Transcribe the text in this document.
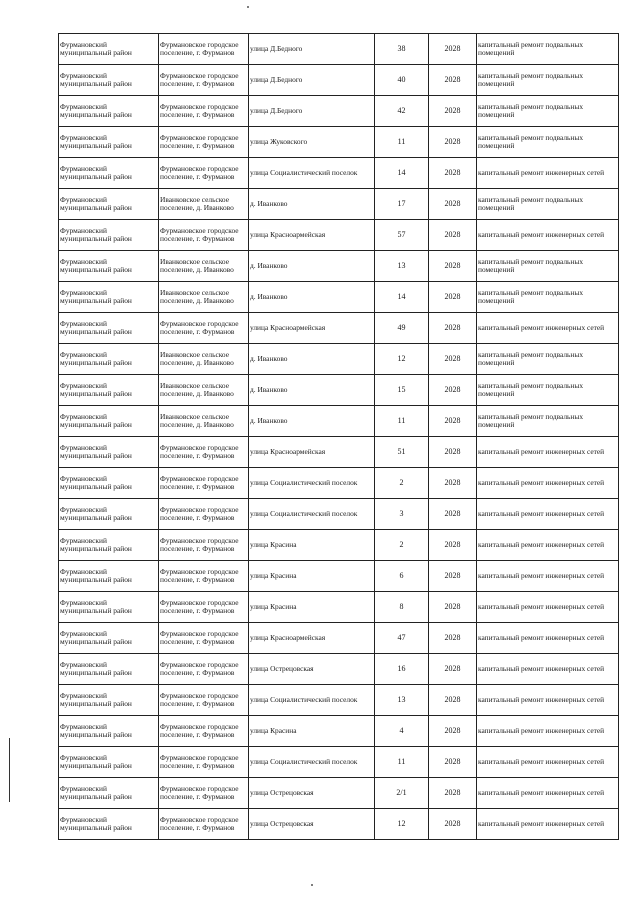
Фурмановский муниципальный район	Фурмановское городское поселение, г. Фурманов	улица Д.Бедного	38	2028	капитальный ремонт подвальных помещений
Фурмановский муниципальный район	Фурмановское городское поселение, г. Фурманов	улица Д.Бедного	40	2028	капитальный ремонт подвальных помещений
Фурмановский муниципальный район	Фурмановское городское поселение, г. Фурманов	улица Д.Бедного	42	2028	капитальный ремонт подвальных помещений
Фурмановский муниципальный район	Фурмановское городское поселение, г. Фурманов	улица Жуковского	11	2028	капитальный ремонт подвальных помещений
Фурмановский муниципальный район	Фурмановское городское поселение, г. Фурманов	улица Социалистический поселок	14	2028	капитальный ремонт инженерных сетей
Фурмановский муниципальный район	Иванковское сельское поселение, д. Иванково	д. Иванково	17	2028	капитальный ремонт подвальных помещений
Фурмановский муниципальный район	Фурмановское городское поселение, г. Фурманов	улица Красноармейская	57	2028	капитальный ремонт инженерных сетей
Фурмановский муниципальный район	Иванковское сельское поселение, д. Иванково	д. Иванково	13	2028	капитальный ремонт подвальных помещений
Фурмановский муниципальный район	Иванковское сельское поселение, д. Иванково	д. Иванково	14	2028	капитальный ремонт подвальных помещений
Фурмановский муниципальный район	Фурмановское городское поселение, г. Фурманов	улица Красноармейская	49	2028	капитальный ремонт инженерных сетей
Фурмановский муниципальный район	Иванковское сельское поселение, д. Иванково	д. Иванково	12	2028	капитальный ремонт подвальных помещений
Фурмановский муниципальный район	Иванковское сельское поселение, д. Иванково	д. Иванково	15	2028	капитальный ремонт подвальных помещений
Фурмановский муниципальный район	Иванковское сельское поселение, д. Иванково	д. Иванково	11	2028	капитальный ремонт подвальных помещений
Фурмановский муниципальный район	Фурмановское городское поселение, г. Фурманов	улица Красноармейская	51	2028	капитальный ремонт инженерных сетей
Фурмановский муниципальный район	Фурмановское городское поселение, г. Фурманов	улица Социалистический поселок	2	2028	капитальный ремонт инженерных сетей
Фурмановский муниципальный район	Фурмановское городское поселение, г. Фурманов	улица Социалистический поселок	3	2028	капитальный ремонт инженерных сетей
Фурмановский муниципальный район	Фурмановское городское поселение, г. Фурманов	улица Красина	2	2028	капитальный ремонт инженерных сетей
Фурмановский муниципальный район	Фурмановское городское поселение, г. Фурманов	улица Красина	6	2028	капитальный ремонт инженерных сетей
Фурмановский муниципальный район	Фурмановское городское поселение, г. Фурманов	улица Красина	8	2028	капитальный ремонт инженерных сетей
Фурмановский муниципальный район	Фурмановское городское поселение, г. Фурманов	улица Красноармейская	47	2028	капитальный ремонт инженерных сетей
Фурмановский муниципальный район	Фурмановское городское поселение, г. Фурманов	улица Острецовская	16	2028	капитальный ремонт инженерных сетей
Фурмановский муниципальный район	Фурмановское городское поселение, г. Фурманов	улица Социалистический поселок	13	2028	капитальный ремонт инженерных сетей
Фурмановский муниципальный район	Фурмановское городское поселение, г. Фурманов	улица Красина	4	2028	капитальный ремонт инженерных сетей
Фурмановский муниципальный район	Фурмановское городское поселение, г. Фурманов	улица Социалистический поселок	11	2028	капитальный ремонт инженерных сетей
Фурмановский муниципальный район	Фурмановское городское поселение, г. Фурманов	улица Острецовская	2/1	2028	капитальный ремонт инженерных сетей
Фурмановский муниципальный район	Фурмановское городское поселение, г. Фурманов	улица Острецовская	12	2028	капитальный ремонт инженерных сетей
